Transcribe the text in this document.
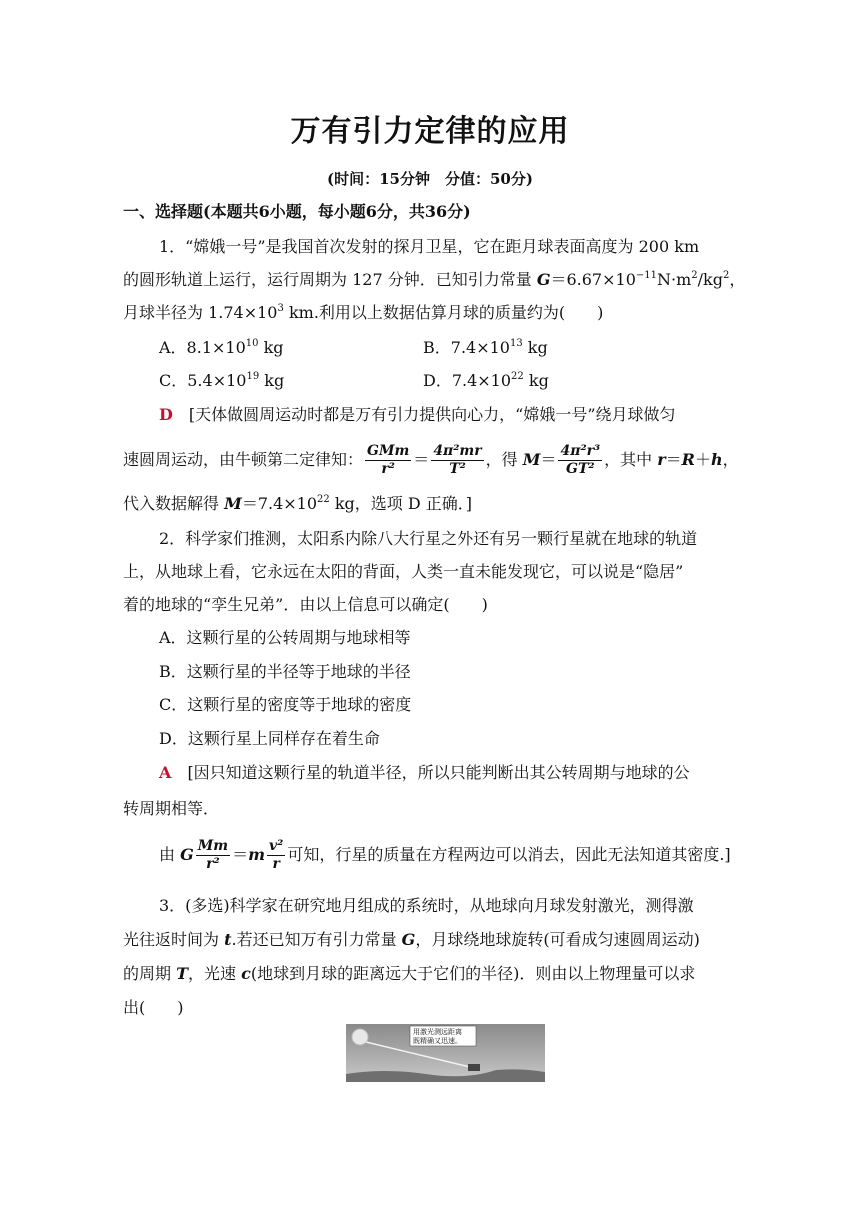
万有引力定律的应用
(时间：15分钟　分值：50分)
一、选择题(本题共6小题，每小题6分，共36分)
1．“嫦娥一号”是我国首次发射的探月卫星，它在距月球表面高度为 200 km
的圆形轨道上运行，运行周期为 127 分钟．已知引力常量 $G=6.67\times 10^{-11}N\cdot m^2/kg^2$，
月球半径为 $1.74\times 10^3$ km.利用以上数据估算月球的质量约为(　　)
A．$8.1\times 10^{10}$ kg	B．$7.4\times 10^{13}$ kg
C．$5.4\times 10^{19}$ kg	D．$7.4\times 10^{22}$ kg
D　 [天体做圆周运动时都是万有引力提供向心力，“嫦娥一号”绕月球做匀
速圆周运动，由牛顿第二定律知： $\frac{\text{GMm}}{\text{r²}} = \frac{\text{4π²mr}}{\text{T²}}$ ，得 $M= \frac{\text{4π²r³}}{\text{GT²}}$ ，其中 r＝R＋h，
代入数据解得 $M=7.4\times 10^{22}$ kg，选项 D 正确．]
2．科学家们推测，太阳系内除八大行星之外还有另一颗行星就在地球的轨道
上，从地球上看，它永远在太阳的背面，人类一直未能发现它，可以说是“隐居”
着的地球的“孪生兄弟”．由以上信息可以确定(　　)
A．这颗行星的公转周期与地球相等
B．这颗行星的半径等于地球的半径
C．这颗行星的密度等于地球的密度
D．这颗行星上同样存在着生命
A　 [因只知道这颗行星的轨道半径，所以只能判断出其公转周期与地球的公
转周期相等．
由 G $\frac{Mm}{\text{r²}} =m \frac{\text{v²}}{r}$ 可知，行星的质量在方程两边可以消去，因此无法知道其密度.]
3．(多选)科学家在研究地月组成的系统时，从地球向月球发射激光，测得激
光往返时间为 t.若还已知万有引力常量 G，月球绕地球旋转(可看成匀速圆周运动)
的周期 T，光速 c(地球到月球的距离远大于它们的半径)．则由以上物理量可以求
出(　　)
用激光测远距离
既精确又迅速。
